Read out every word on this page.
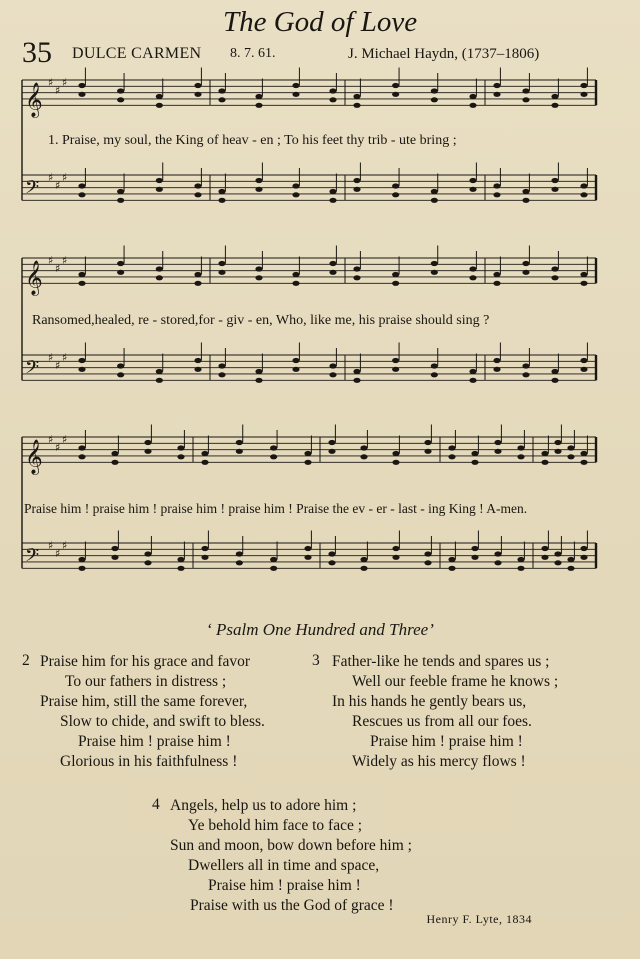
The God of Love
35 DULCE CARMEN 8. 7. 61.	J. Michael Haydn, (1737–1806)
𝄞 ♯
♯
♯
𝄢 ♯
♯
♯
𝄞 ♯
♯
♯
𝄢 ♯
♯
♯
𝄞 ♯
♯
♯
𝄢 ♯
♯
♯
1. Praise, my soul, the King of heav - en ; To his feet thy trib - ute bring ;
Ransomed,healed, re - stored,for - giv - en, Who, like me, his praise should sing ?
Praise him ! praise him ! praise him ! praise him ! Praise the ev - er - last - ing King ! A-men.
‘ Psalm One Hundred and Three’
2 Praise him for his grace and favor
To our fathers in distress ;
Praise him, still the same forever,
Slow to chide, and swift to bless.
Praise him ! praise him !
Glorious in his faithfulness !
3 Father-like he tends and spares us ;
Well our feeble frame he knows ;
In his hands he gently bears us,
Rescues us from all our foes.
Praise him ! praise him !
Widely as his mercy flows !
4 Angels, help us to adore him ;
Ye behold him face to face ;
Sun and moon, bow down before him ;
Dwellers all in time and space,
Praise him ! praise him !
Praise with us the God of grace !
Henry F. Lyte, 1834
